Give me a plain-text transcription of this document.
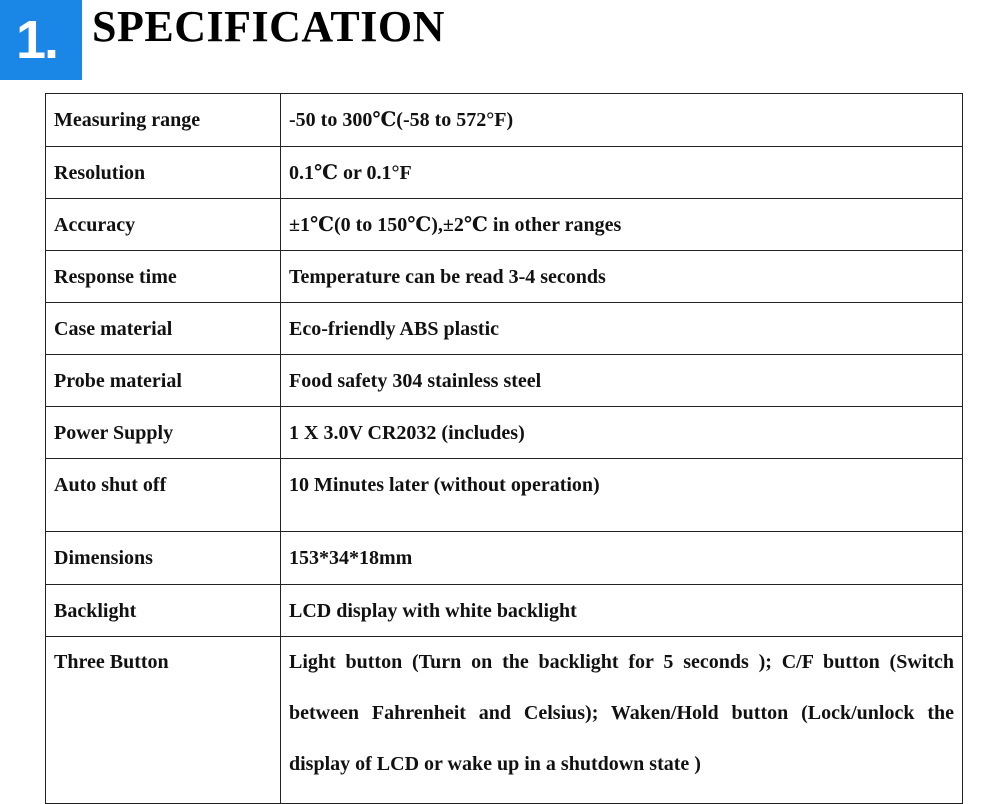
1. SPECIFICATION
Measuring range	-50 to 300℃(-58 to 572°F)
Resolution	0.1℃ or 0.1°F
Accuracy	±1℃(0 to 150℃),±2℃ in other ranges
Response time	Temperature can be read 3-4 seconds
Case material	Eco-friendly ABS plastic
Probe material	Food safety 304 stainless steel
Power Supply	1 X 3.0V CR2032 (includes)
Auto shut off	10 Minutes later (without operation)
Dimensions	153*34*18mm
Backlight	LCD display with white backlight
Three Button	Light button (Turn on the backlight for 5 seconds ); C/F button (Switch between Fahrenheit and Celsius); Waken/Hold button (Lock/unlock the display of LCD or wake up in a shutdown state )
